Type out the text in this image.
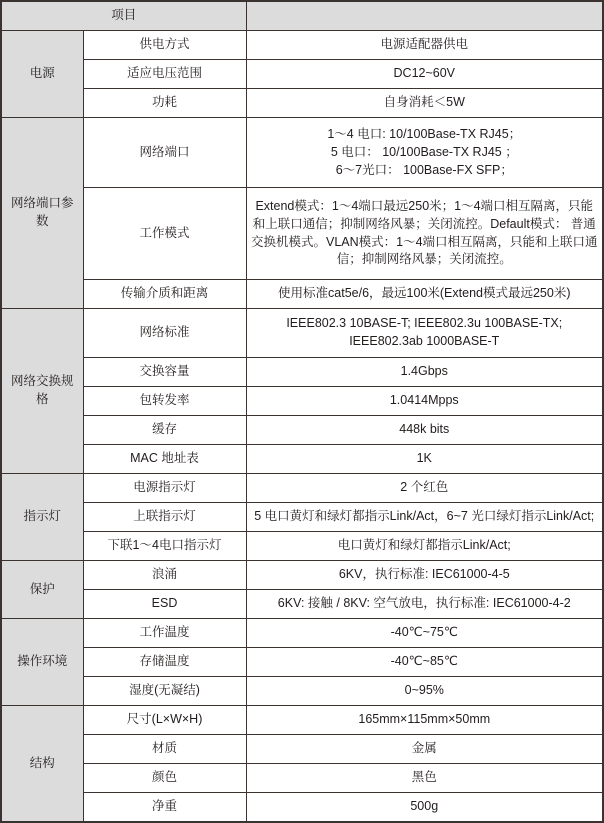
项目		
电源	供电方式	电源适配器供电
	适应电压范围	DC12~60V
	功耗	自身消耗＜5W
网络端口参数	网络端口	1～4 电口: 10/100Base-TX RJ45；
5 电口： 10/100Base-TX RJ45 ；
6～7光口： 100Base-FX SFP；
	工作模式	Extend模式：1～4端口最远250米；1～4端口相互隔离，只能和上联口通信；抑制网络风暴；关闭流控。Default模式： 普通交换机模式。VLAN模式：1～4端口相互隔离，只能和上联口通信；抑制网络风暴；关闭流控。
	传输介质和距离	使用标准cat5e/6，最远100米(Extend模式最远250米)
网络交换规格	网络标准	IEEE802.3 10BASE-T; IEEE802.3u 100BASE-TX;
IEEE802.3ab 1000BASE-T
	交换容量	1.4Gbps
	包转发率	1.0414Mpps
	缓存	448k bits
	MAC 地址表	1K
指示灯	电源指示灯	2 个红色
	上联指示灯	5 电口黄灯和绿灯都指示Link/Act，6~7 光口绿灯指示Link/Act;
	下联1～4电口指示灯	电口黄灯和绿灯都指示Link/Act;
保护	浪涌	6KV，执行标准: IEC61000-4-5
	ESD	6KV: 接触 / 8KV: 空气放电，执行标准: IEC61000-4-2
操作环境	工作温度	-40℃~75℃
	存储温度	-40℃~85℃
	湿度(无凝结)	0~95%
结构	尺寸(L×W×H)	165mm×115mm×50mm
	材质	金属
	颜色	黑色
	净重	500g
